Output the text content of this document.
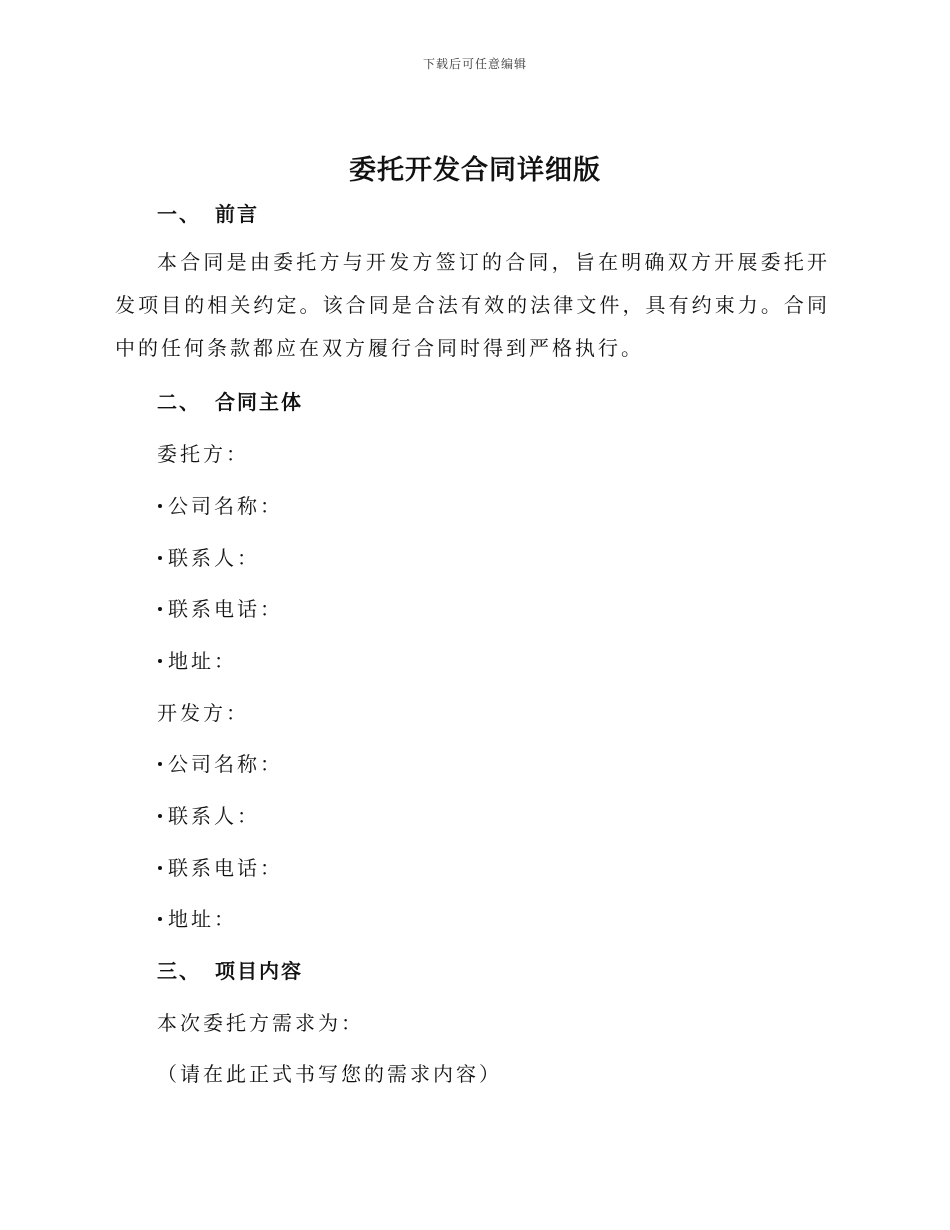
下载后可任意编辑
委托开发合同详细版
一、 前言
本合同是由委托方与开发方签订的合同，旨在明确双方开展委托开发项目的相关约定。该合同是合法有效的法律文件，具有约束力。合同中的任何条款都应在双方履行合同时得到严格执行。
二、 合同主体
委托方：
公司名称：
联系人：
联系电话：
地址：
开发方：
公司名称：
联系人：
联系电话：
地址：
三、 项目内容
本次委托方需求为：
（请在此正式书写您的需求内容）
